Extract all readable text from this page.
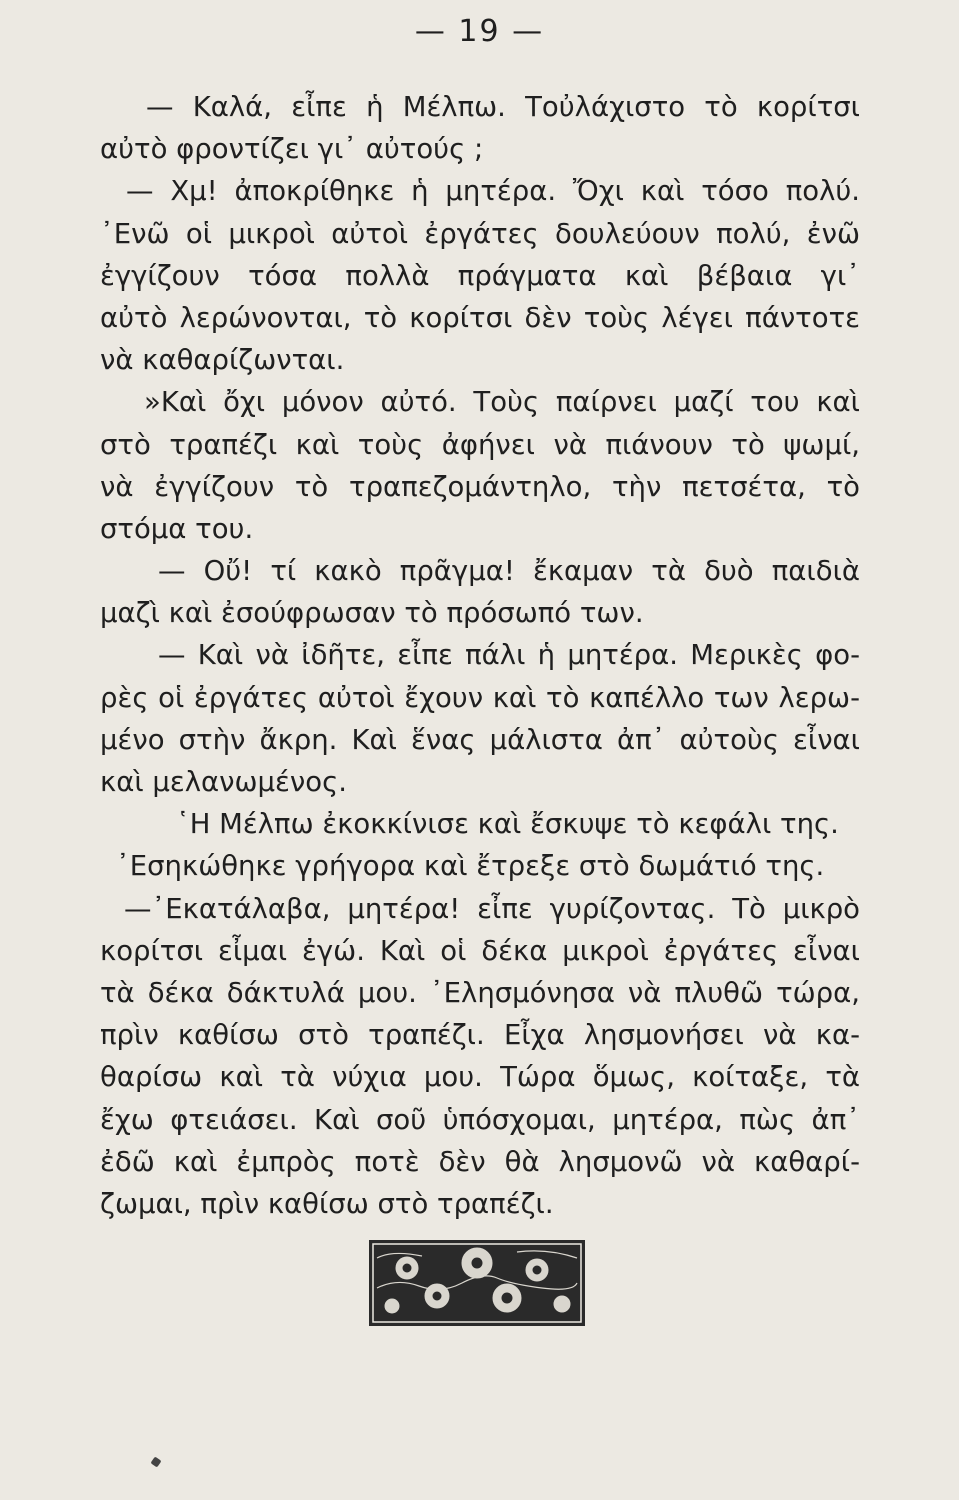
— 19 —
— Καλά, εἶπε ἡ Μέλπω. Τοὐλάχιστο τὸ κορίτσι
αὐτὸ φροντίζει γι᾿ αὐτούς ;
— Χμ! ἀποκρίθηκε ἡ μητέρα. Ὄχι καὶ τόσο πολύ.
᾿Ενῶ οἱ μικροὶ αὐτοὶ ἐργάτες δουλεύουν πολύ, ἐνῶ
ἐγγίζουν τόσα πολλὰ πράγματα καὶ βέβαια γι᾿
αὐτὸ λερώνονται, τὸ κορίτσι δὲν τοὺς λέγει πάντοτε
νὰ καθαρίζωνται.
»Καὶ ὄχι μόνον αὐτό. Τοὺς παίρνει μαζί του καὶ
στὸ τραπέζι καὶ τοὺς ἀφήνει νὰ πιάνουν τὸ ψωμί,
νὰ ἐγγίζουν τὸ τραπεζομάντηλο, τὴν πετσέτα, τὸ
στόμα του.
— Οὔ! τί κακὸ πρᾶγμα! ἔκαμαν τὰ δυὸ παιδιὰ
μαζὶ καὶ ἐσούφρωσαν τὸ πρόσωπό των.
— Καὶ νὰ ἰδῆτε, εἶπε πάλι ἡ μητέρα. Μερικὲς φο-
ρὲς οἱ ἐργάτες αὐτοὶ ἔχουν καὶ τὸ καπέλλο των λερω-
μένο στὴν ἄκρη. Καὶ ἕνας μάλιστα ἀπ᾿ αὐτοὺς εἶναι
καὶ μελανωμένος.
῾Η Μέλπω ἐκοκκίνισε καὶ ἔσκυψε τὸ κεφάλι της.
᾿Εσηκώθηκε γρήγορα καὶ ἔτρεξε στὸ δωμάτιό της.
—᾿Εκατάλαβα, μητέρα! εἶπε γυρίζοντας. Τὸ μικρὸ
κορίτσι εἶμαι ἐγώ. Καὶ οἱ δέκα μικροὶ ἐργάτες εἶναι
τὰ δέκα δάκτυλά μου. ᾿Ελησμόνησα νὰ πλυθῶ τώρα,
πρὶν καθίσω στὸ τραπέζι. Εἶχα λησμονήσει νὰ κα-
θαρίσω καὶ τὰ νύχια μου. Τώρα ὅμως, κοίταξε, τὰ
ἔχω φτειάσει. Καὶ σοῦ ὑπόσχομαι, μητέρα, πὼς ἀπ᾿
ἐδῶ καὶ ἐμπρὸς ποτὲ δὲν θὰ λησμονῶ νὰ καθαρί-
ζωμαι, πρὶν καθίσω στὸ τραπέζι.
